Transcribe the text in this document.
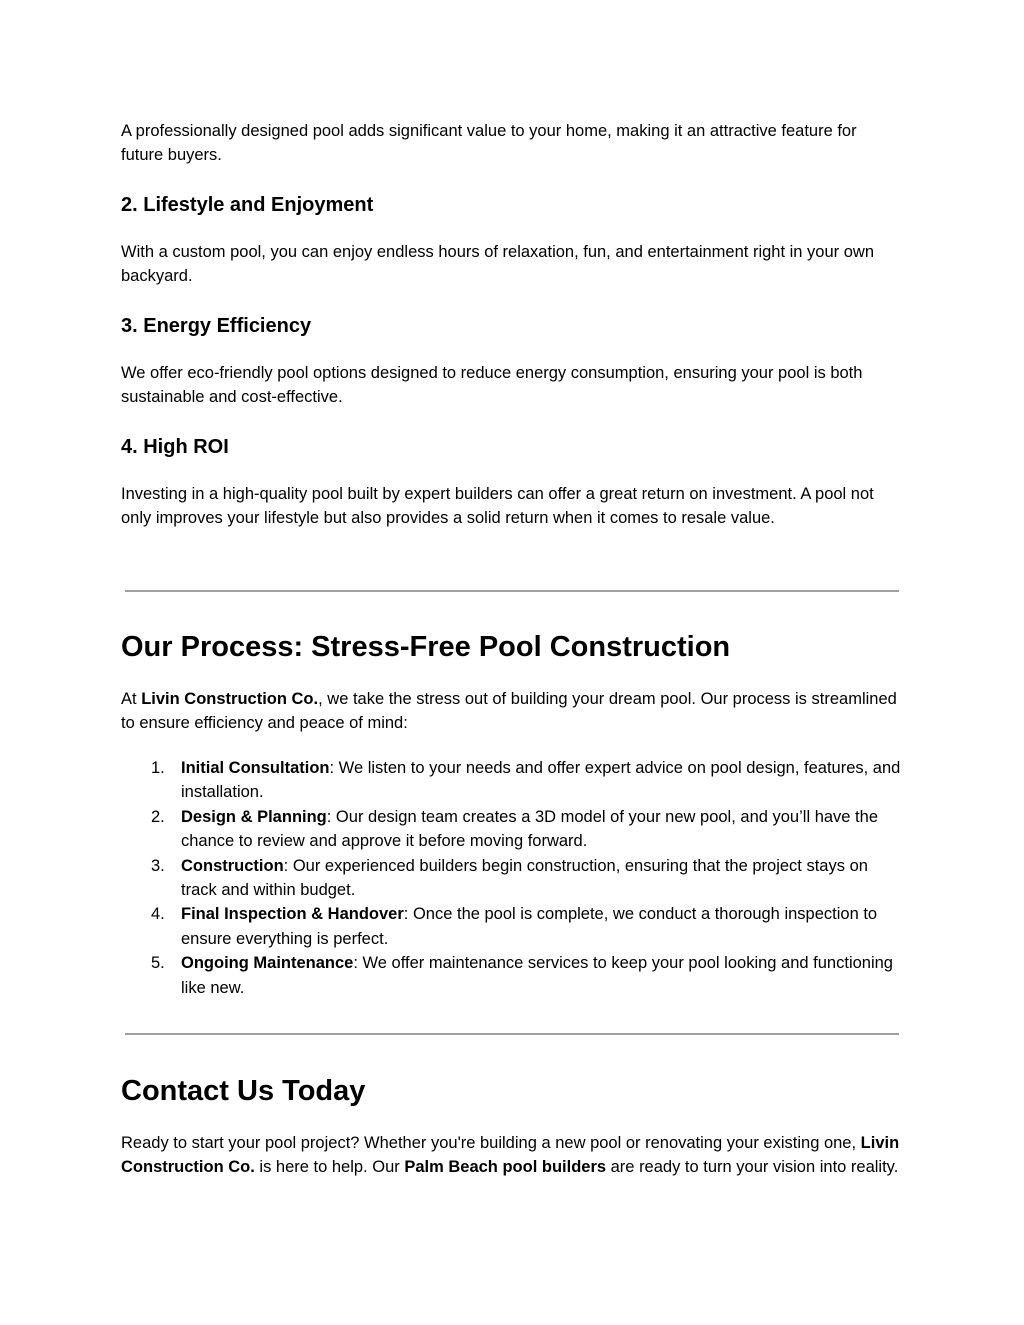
A professionally designed pool adds significant value to your home, making it an attractive feature for future buyers.

2. Lifestyle and Enjoyment

With a custom pool, you can enjoy endless hours of relaxation, fun, and entertainment right in your own backyard.

3. Energy Efficiency

We offer eco-friendly pool options designed to reduce energy consumption, ensuring your pool is both sustainable and cost-effective.

4. High ROI

Investing in a high-quality pool built by expert builders can offer a great return on investment. A pool not only improves your lifestyle but also provides a solid return when it comes to resale value.

Our Process: Stress-Free Pool Construction

At Livin Construction Co., we take the stress out of building your dream pool. Our process is streamlined to ensure efficiency and peace of mind:

1. Initial Consultation: We listen to your needs and offer expert advice on pool design, features, and installation.
2. Design & Planning: Our design team creates a 3D model of your new pool, and you’ll have the chance to review and approve it before moving forward.
3. Construction: Our experienced builders begin construction, ensuring that the project stays on track and within budget.
4. Final Inspection & Handover: Once the pool is complete, we conduct a thorough inspection to ensure everything is perfect.
5. Ongoing Maintenance: We offer maintenance services to keep your pool looking and functioning like new.
Contact Us Today

Ready to start your pool project? Whether you're building a new pool or renovating your existing one, Livin Construction Co. is here to help. Our Palm Beach pool builders are ready to turn your vision into reality.
